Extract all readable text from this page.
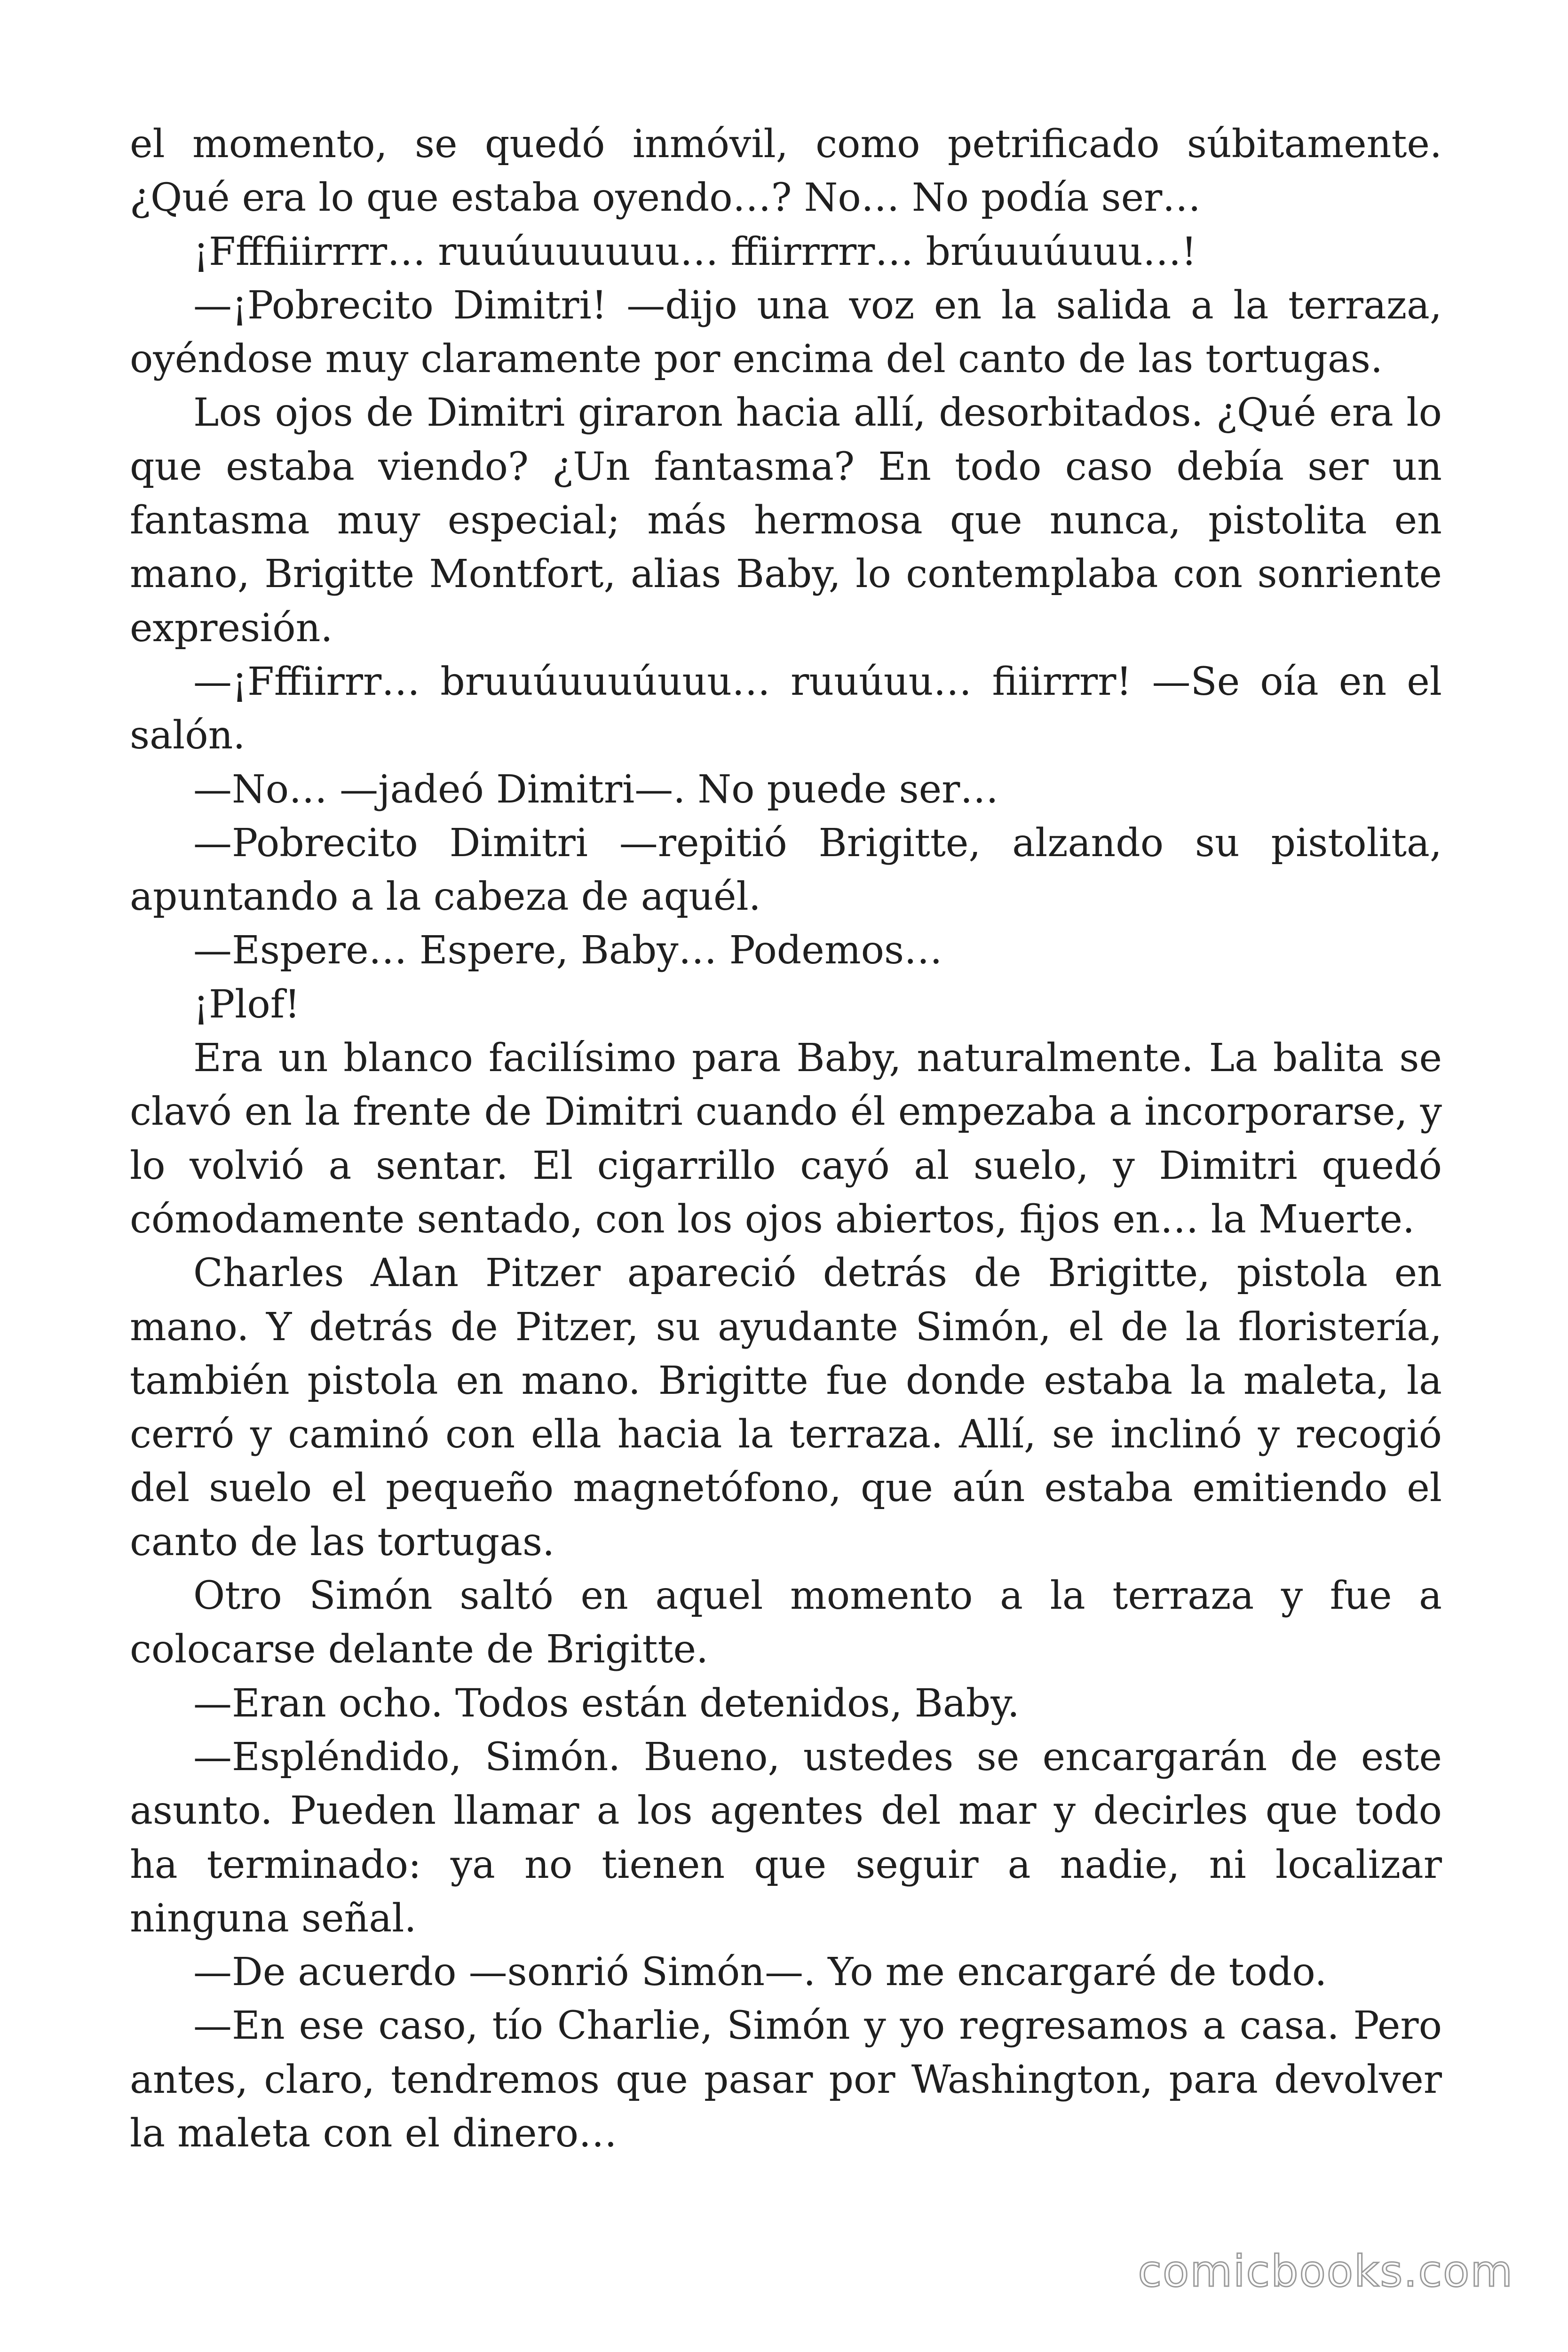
el momento, se quedó inmóvil, como petrificado súbitamente. ¿Qué era lo que estaba oyendo…? No… No podía ser…

¡Ffffiiirrrr… ruuúuuuuuu… ffiirrrrr… brúuuúuuu…!

—¡Pobrecito Dimitri! —dijo una voz en la salida a la terraza, oyéndose muy claramente por encima del canto de las tortugas.

Los ojos de Dimitri giraron hacia allí, desorbitados. ¿Qué era lo que estaba viendo? ¿Un fantasma? En todo caso debía ser un fantasma muy especial; más hermosa que nunca, pistolita en mano, Brigitte Montfort, alias Baby, lo contemplaba con sonriente expresión.

—¡Fffiirrr… bruuúuuuúuuu… ruuúuu… fiiirrrr! —Se oía en el salón.

—No… —jadeó Dimitri—. No puede ser…

—Pobrecito Dimitri —repitió Brigitte, alzando su pistolita, apuntando a la cabeza de aquél.

—Espere… Espere, Baby… Podemos…

¡Plof!

Era un blanco facilísimo para Baby, naturalmente. La balita se clavó en la frente de Dimitri cuando él empezaba a incorporarse, y lo volvió a sentar. El cigarrillo cayó al suelo, y Dimitri quedó cómodamente sentado, con los ojos abiertos, fijos en… la Muerte.

Charles Alan Pitzer apareció detrás de Brigitte, pistola en mano. Y detrás de Pitzer, su ayudante Simón, el de la floristería, también pistola en mano. Brigitte fue donde estaba la maleta, la cerró y caminó con ella hacia la terraza. Allí, se inclinó y recogió del suelo el pequeño magnetófono, que aún estaba emitiendo el canto de las tortugas.

Otro Simón saltó en aquel momento a la terraza y fue a colocarse delante de Brigitte.

—Eran ocho. Todos están detenidos, Baby.

—Espléndido, Simón. Bueno, ustedes se encargarán de este asunto. Pueden llamar a los agentes del mar y decirles que todo ha terminado: ya no tienen que seguir a nadie, ni localizar ninguna señal.

—De acuerdo —sonrió Simón—. Yo me encargaré de todo.

—En ese caso, tío Charlie, Simón y yo regresamos a casa. Pero antes, claro, tendremos que pasar por Washington, para devolver la maleta con el dinero…

comicbooks.com
